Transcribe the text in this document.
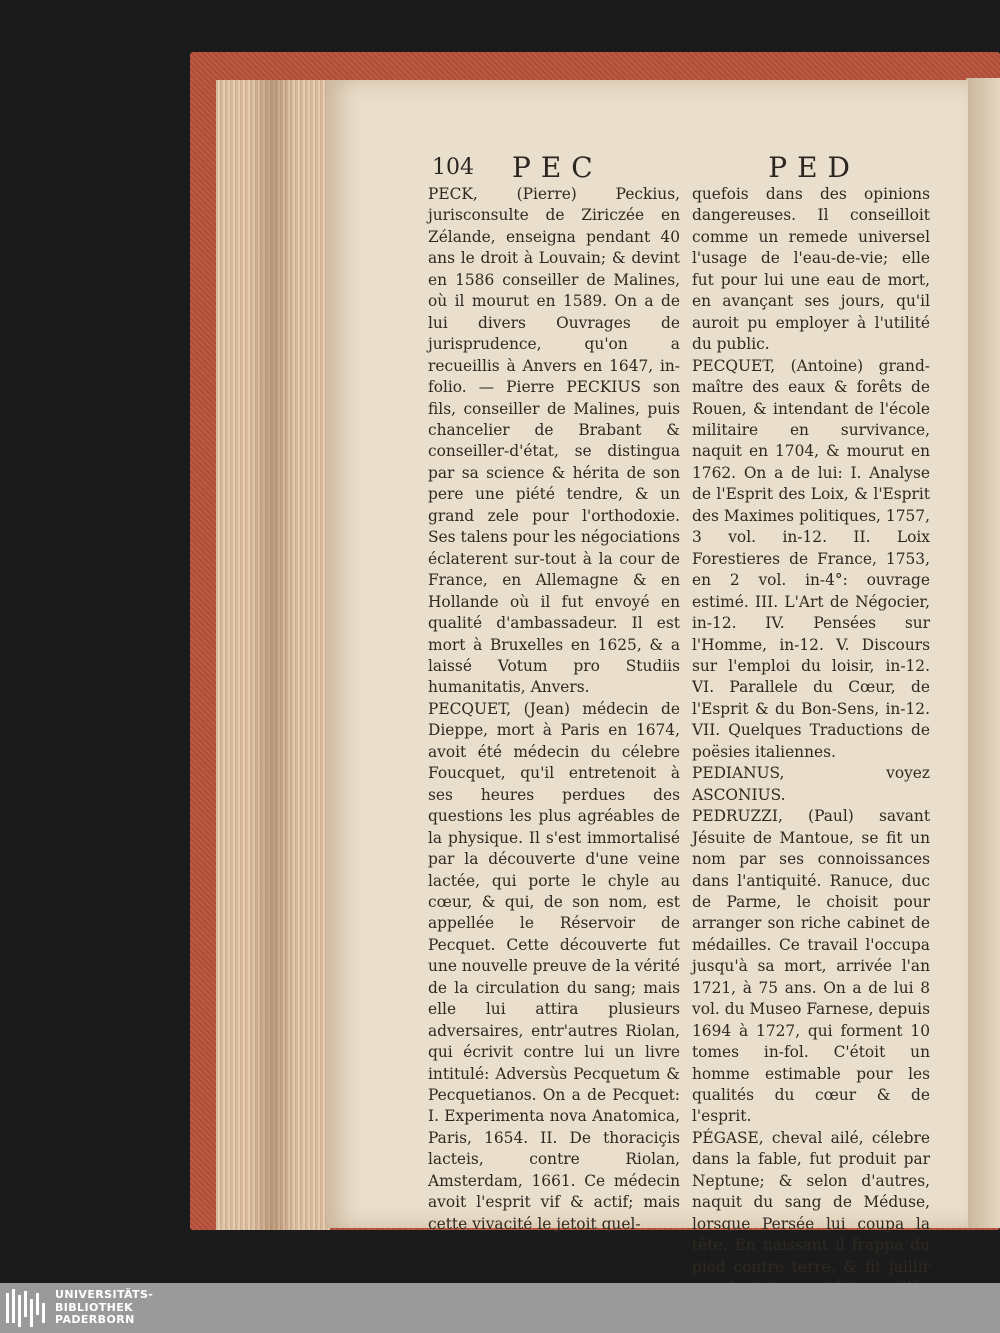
104 PEC	PED

PECK, (Pierre) Peckius, jurisconsulte de Ziriczée en Zélande, enseigna pendant 40 ans le droit à Louvain; & devint en 1586 conseiller de Malines, où il mourut en 1589. On a de lui divers Ouvrages de jurisprudence, qu'on a recueillis à Anvers en 1647, in-folio. — Pierre PECKIUS son fils, conseiller de Malines, puis chancelier de Brabant & conseiller-d'état, se distingua par sa science & hérita de son pere une piété tendre, & un grand zele pour l'orthodoxie. Ses talens pour les négociations éclaterent sur-tout à la cour de France, en Allemagne & en Hollande où il fut envoyé en qualité d'ambassadeur. Il est mort à Bruxelles en 1625, & a laissé Votum pro Studiis humanitatis, Anvers.
PECQUET, (Jean) médecin de Dieppe, mort à Paris en 1674, avoit été médecin du célebre Foucquet, qu'il entretenoit à ses heures perdues des questions les plus agréables de la physique. Il s'est immortalisé par la découverte d'une veine lactée, qui porte le chyle au cœur, & qui, de son nom, est appellée le Réservoir de Pecquet. Cette découverte fut une nouvelle preuve de la vérité de la circulation du sang; mais elle lui attira plusieurs adversaires, entr'autres Riolan, qui écrivit contre lui un livre intitulé: Adversùs Pecquetum & Pecquetianos. On a de Pecquet: I. Experimenta nova Anatomica, Paris, 1654. II. De thoraciçis lacteis, contre Riolan, Amsterdam, 1661. Ce médecin avoit l'esprit vif & actif; mais cette vivacité le jetoit quel-

quefois dans des opinions dangereuses. Il conseilloit comme un remede universel l'usage de l'eau-de-vie; elle fut pour lui une eau de mort, en avançant ses jours, qu'il auroit pu employer à l'utilité du public.
PECQUET, (Antoine) grand-maître des eaux & forêts de Rouen, & intendant de l'école militaire en survivance, naquit en 1704, & mourut en 1762. On a de lui: I. Analyse de l'Esprit des Loix, & l'Esprit des Maximes politiques, 1757, 3 vol. in-12. II. Loix Forestieres de France, 1753, en 2 vol. in-4°: ouvrage estimé. III. L'Art de Négocier, in-12. IV. Pensées sur l'Homme, in-12. V. Discours sur l'emploi du loisir, in-12. VI. Parallele du Cœur, de l'Esprit & du Bon-Sens, in-12. VII. Quelques Traductions de poësies italiennes.
PEDIANUS, voyez ASCONIUS.
PEDRUZZI, (Paul) savant Jésuite de Mantoue, se fit un nom par ses connoissances dans l'antiquité. Ranuce, duc de Parme, le choisit pour arranger son riche cabinet de médailles. Ce travail l'occupa jusqu'à sa mort, arrivée l'an 1721, à 75 ans. On a de lui 8 vol. du Museo Farnese, depuis 1694 à 1727, qui forment 10 tomes in-fol. C'étoit un homme estimable pour les qualités du cœur & de l'esprit.
PÉGASE, cheval ailé, célebre dans la fable, fut produit par Neptune; & selon d'autres, naquit du sang de Méduse, lorsque Persée lui coupa la tête. En naissant il frappa du pied contre terre, & fit jaillir

UNIVERSITÄTS-
BIBLIOTHEK
PADERBORN
